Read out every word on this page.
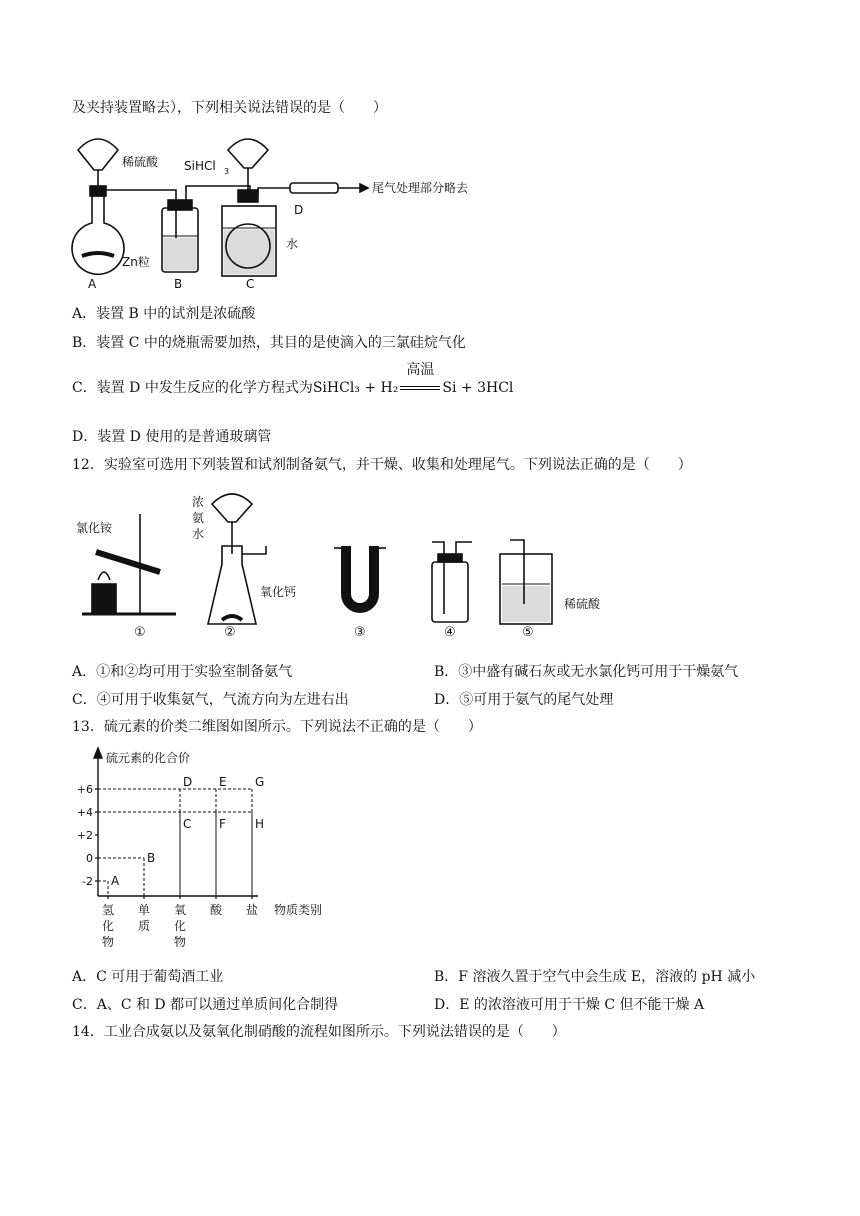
及夹持装置略去），下列相关说法错误的是（　　）
稀硫酸 SiHCl 3
D
尾气处理部分略去
Zn粒
水
A	B	C
A．装置 B 中的试剂是浓硫酸
B．装置 C 中的烧瓶需要加热，其目的是使滴入的三氯硅烷气化
C．装置 D 中发生反应的化学方程式为SiHCl₃ + H₂
高温
Si + 3HCl
D．装置 D 使用的是普通玻璃管
12．实验室可选用下列装置和试剂制备氨气，并干燥、收集和处理尾气。下列说法正确的是（　　）
氯化铵
浓
氨
水
氧化钙
稀硫酸
①	②	③	④	⑤
A．①和②均可用于实验室制备氨气	B．③中盛有碱石灰或无水氯化钙可用于干燥氨气
C．④可用于收集氨气，气流方向为左进右出	D．⑤可用于氨气的尾气处理
13．硫元素的价类二维图如图所示。下列说法不正确的是（　　）
硫元素的化合价
物质类别
+6
+4
+2
0
-2
氢
化
物
单
质
氧
化
物
酸 盐
A
B
C
D E
F
G
H
A．C 可用于葡萄酒工业	B．F 溶液久置于空气中会生成 E，溶液的 pH 减小
C．A、C 和 D 都可以通过单质间化合制得	D．E 的浓溶液可用于干燥 C 但不能干燥 A
14．工业合成氨以及氨氧化制硝酸的流程如图所示。下列说法错误的是（　　）
